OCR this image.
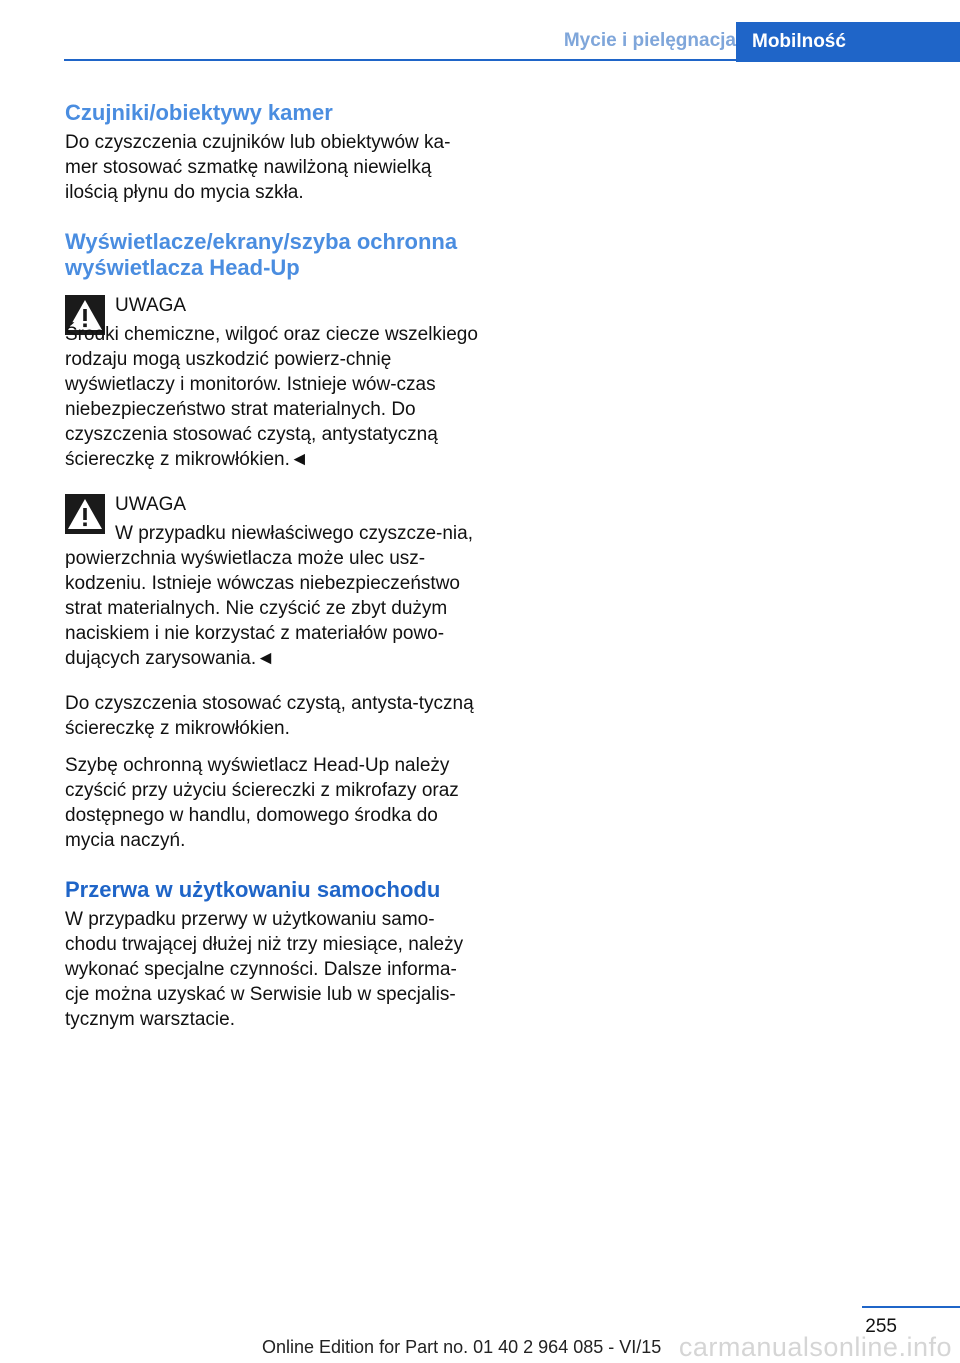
Mycie i pielęgnacja Mobilność
Czujniki/obiektywy kamer

Do czyszczenia czujników lub obiektywów ka-mer stosować szmatkę nawilżoną niewielką ilością płynu do mycia szkła.

Wyświetlacze/ekrany/szyba ochronna wyświetlacza Head-Up
UWAGA

Środki chemiczne, wilgoć oraz ciecze wszelkiego rodzaju mogą uszkodzić powierz-chnię wyświetlaczy i monitorów. Istnieje wów-czas niebezpieczeństwo strat materialnych. Do czyszczenia stosować czystą, antystatyczną ściereczkę z mikrowłókien.◄

UWAGA

W przypadku niewłaściwego czyszcze-nia, powierzchnia wyświetlacza może ulec usz-kodzeniu. Istnieje wówczas niebezpieczeństwo strat materialnych. Nie czyścić ze zbyt dużym naciskiem i nie korzystać z materiałów powo-dujących zarysowania.◄

Do czyszczenia stosować czystą, antysta-tyczną ściereczkę z mikrowłókien.

Szybę ochronną wyświetlacz Head-Up należy czyścić przy użyciu ściereczki z mikrofazy oraz dostępnego w handlu, domowego środka do mycia naczyń.

Przerwa w użytkowaniu samochodu

W przypadku przerwy w użytkowaniu samo-chodu trwającej dłużej niż trzy miesiące, należy wykonać specjalne czynności. Dalsze informa-cje można uzyskać w Serwisie lub w specjalis-tycznym warsztacie.

255
Online Edition for Part no. 01 40 2 964 085 - VI/15 carmanualsonline.info
